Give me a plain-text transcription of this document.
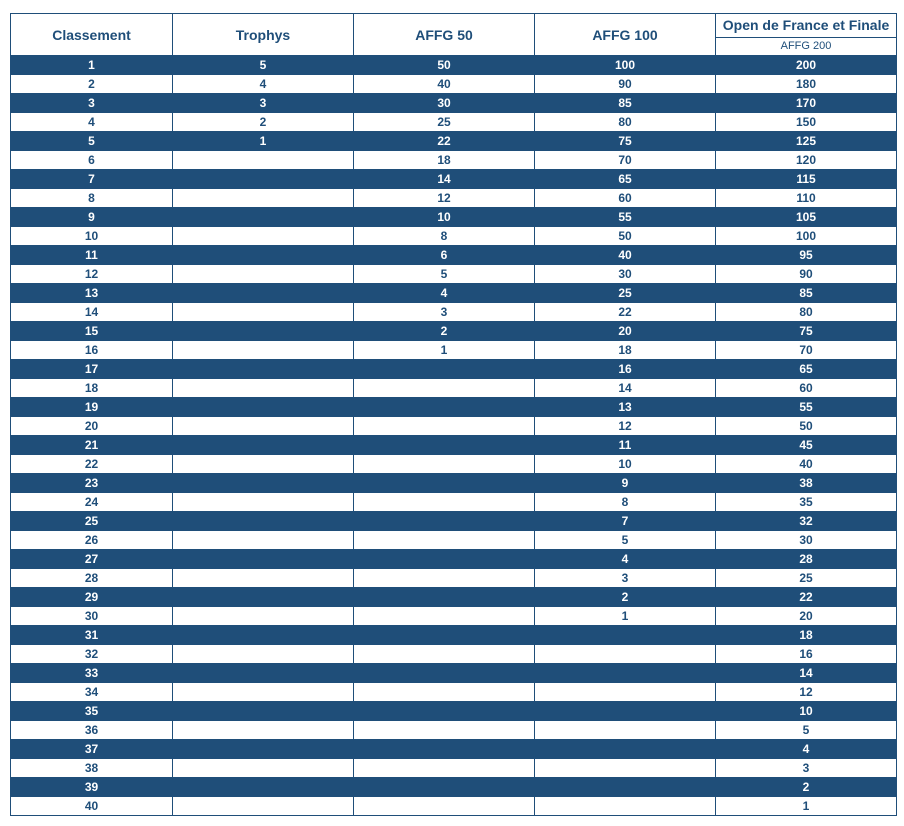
Classement	Trophys	AFFG 50	AFFG 100	Open de France et Finale
				AFFG 200
1	5	50	100	200
2	4	40	90	180
3	3	30	85	170
4	2	25	80	150
5	1	22	75	125
6		18	70	120
7		14	65	115
8		12	60	110
9		10	55	105
10		8	50	100
11		6	40	95
12		5	30	90
13		4	25	85
14		3	22	80
15		2	20	75
16		1	18	70
17			16	65
18			14	60
19			13	55
20			12	50
21			11	45
22			10	40
23			9	38
24			8	35
25			7	32
26			5	30
27			4	28
28			3	25
29			2	22
30			1	20
31				18
32				16
33				14
34				12
35				10
36				5
37				4
38				3
39				2
40				1
